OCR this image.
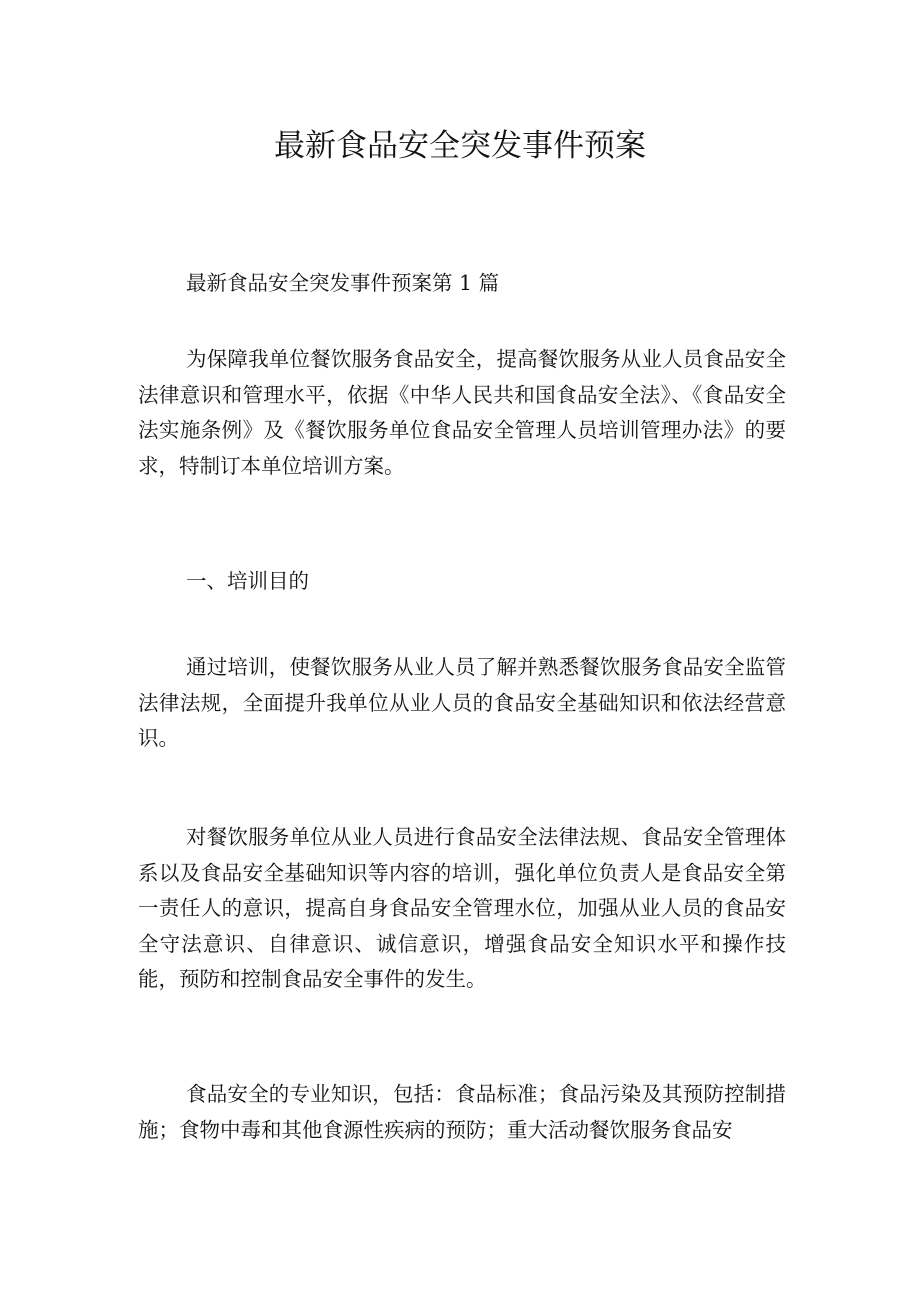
最新食品安全突发事件预案

最新食品安全突发事件预案第 1 篇

为保障我单位餐饮服务食品安全，提高餐饮服务从业人员食品安全法律意识和管理水平，依据《中华人民共和国食品安全法》、《食品安全法实施条例》及《餐饮服务单位食品安全管理人员培训管理办法》的要求，特制订本单位培训方案。

一、培训目的

通过培训，使餐饮服务从业人员了解并熟悉餐饮服务食品安全监管法律法规，全面提升我单位从业人员的食品安全基础知识和依法经营意识。

对餐饮服务单位从业人员进行食品安全法律法规、食品安全管理体系以及食品安全基础知识等内容的培训，强化单位负责人是食品安全第一责任人的意识，提高自身食品安全管理水位，加强从业人员的食品安全守法意识、自律意识、诚信意识，增强食品安全知识水平和操作技能，预防和控制食品安全事件的发生。

食品安全的专业知识，包括：食品标准；食品污染及其预防控制措施；食物中毒和其他食源性疾病的预防；重大活动餐饮服务食品安
